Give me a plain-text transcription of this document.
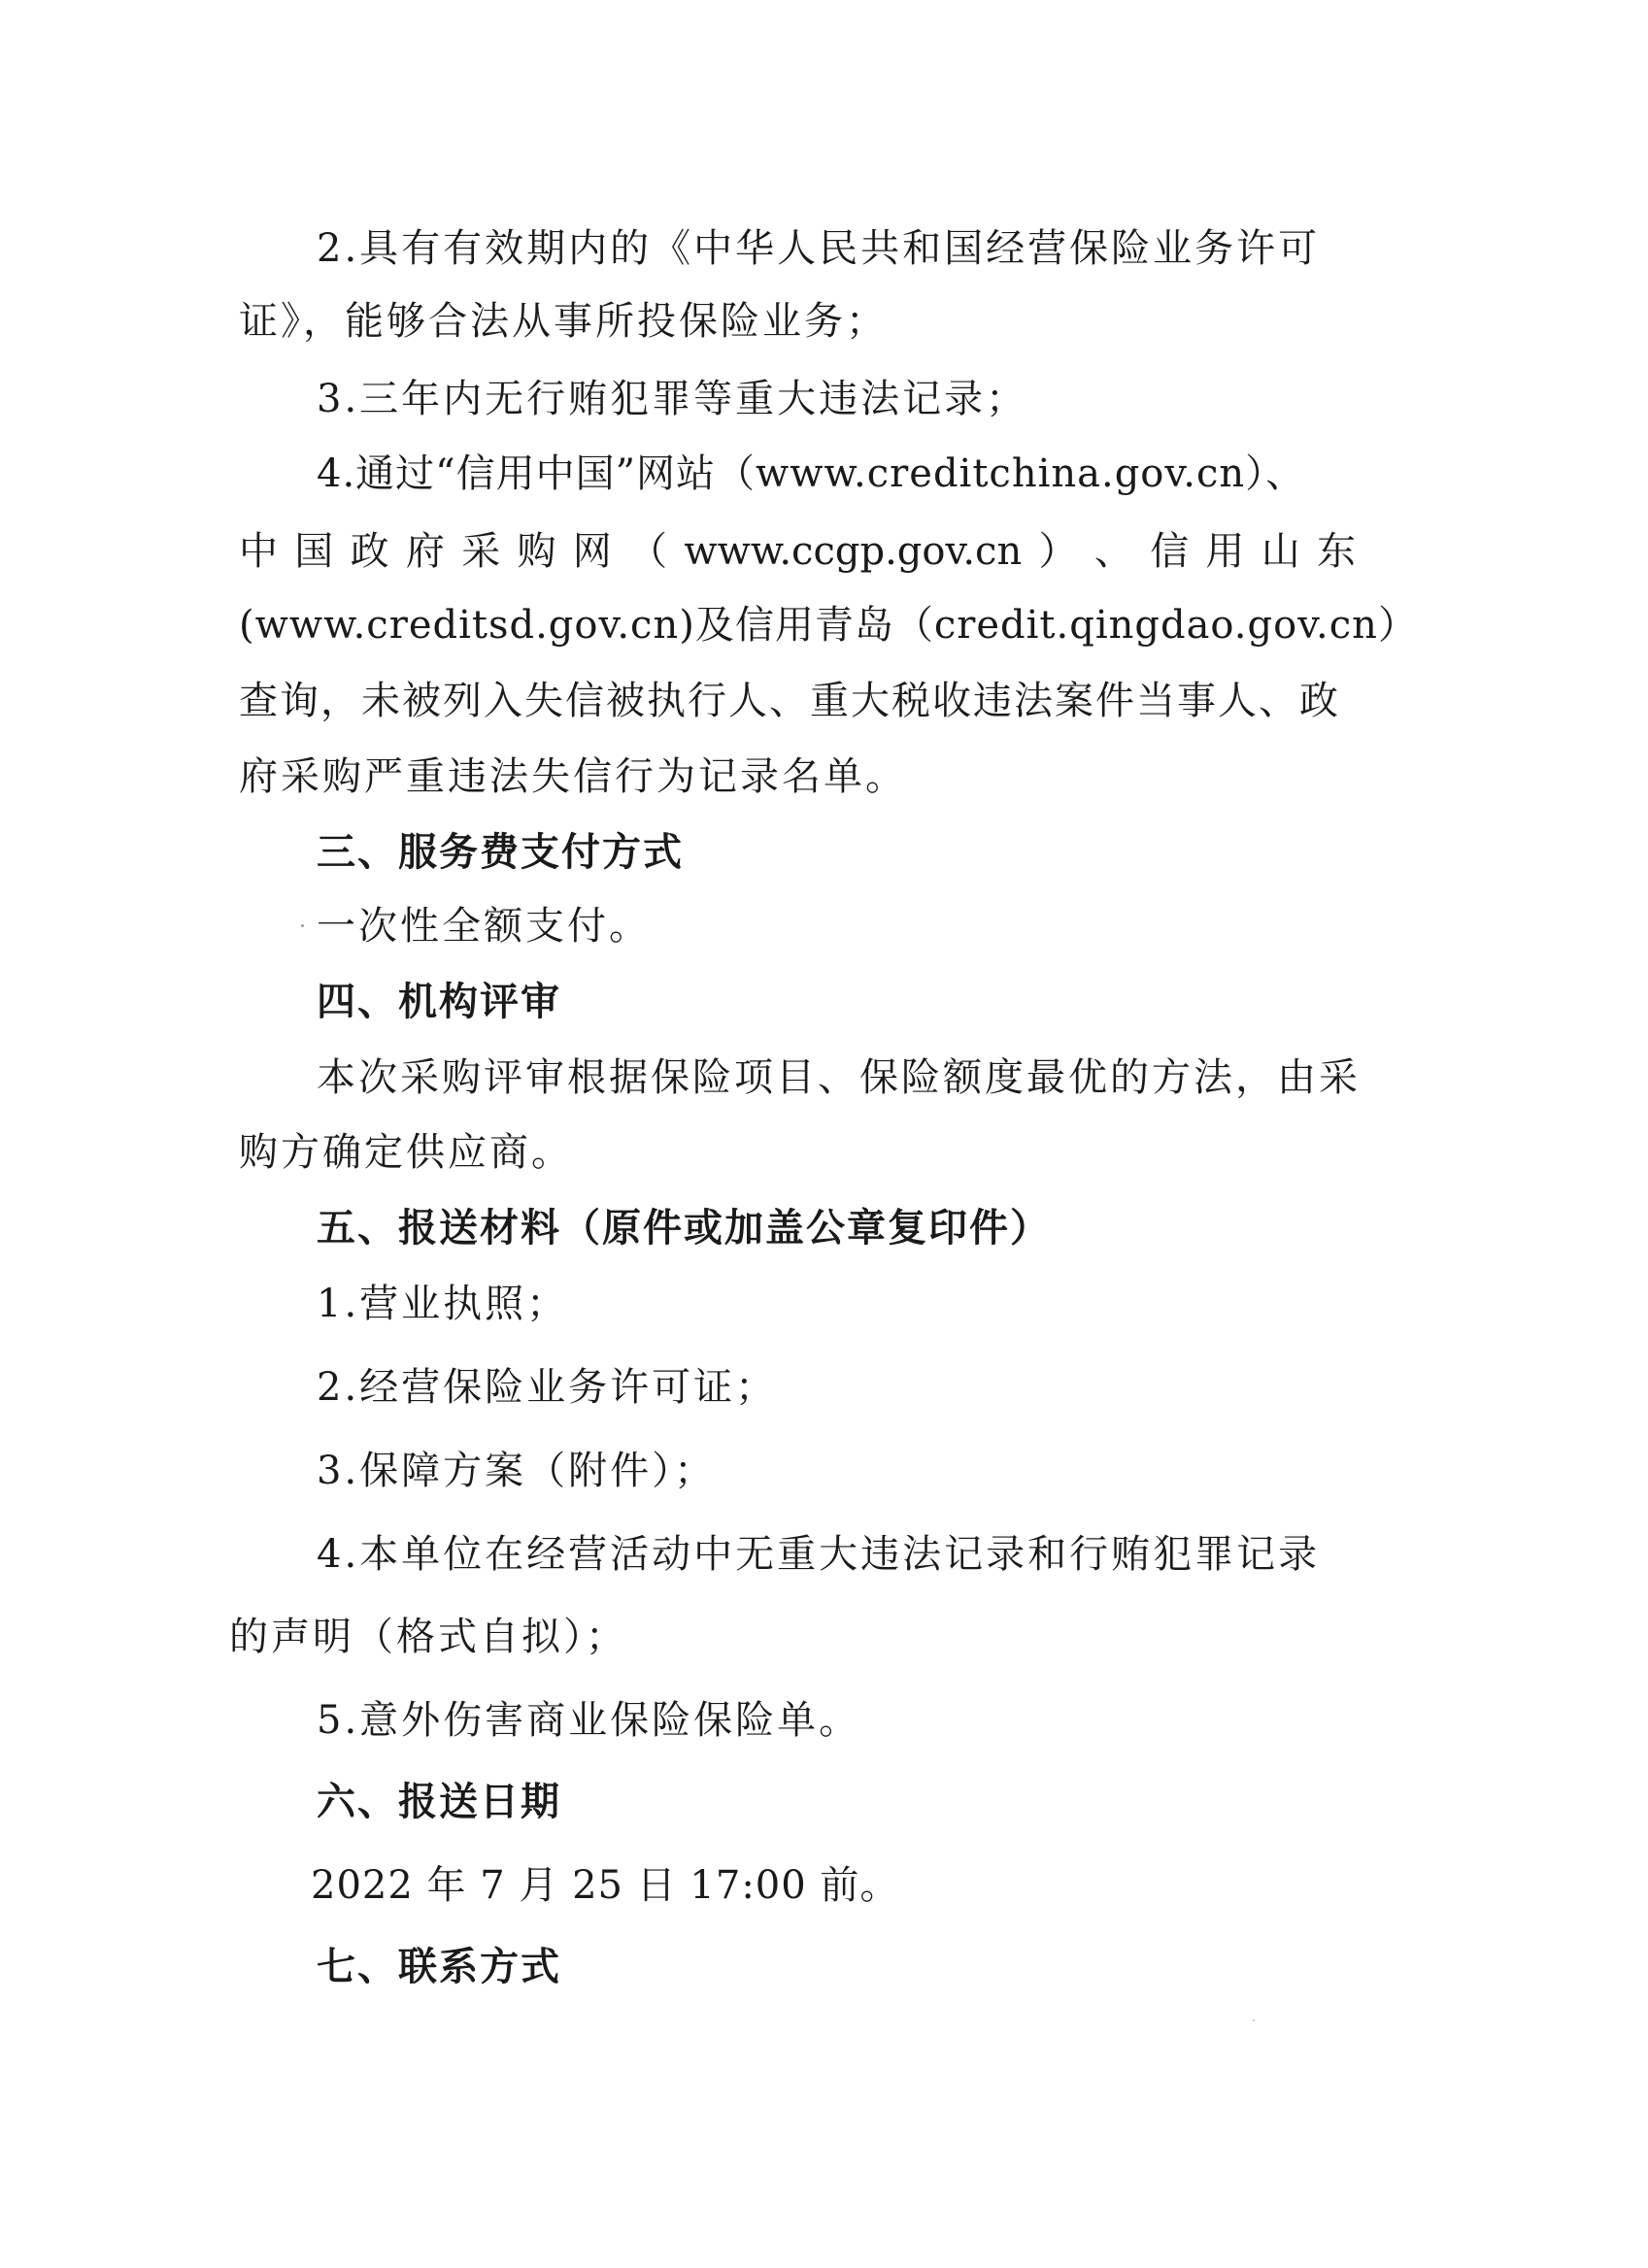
2.具有有效期内的《中华人民共和国经营保险业务许可

证》，能够合法从事所投保险业务；

3.三年内无行贿犯罪等重大违法记录；

4.通过“信用中国”网站（www.creditchina.gov.cn）、

中 国 政 府 采 购 网 （ www.ccgp.gov.cn ） 、 信 用 山 东

(www.creditsd.gov.cn)及信用青岛（credit.qingdao.gov.cn）

查询，未被列入失信被执行人、重大税收违法案件当事人、政

府采购严重违法失信行为记录名单。

三、服务费支付方式

一次性全额支付。

四、机构评审

本次采购评审根据保险项目、保险额度最优的方法，由采

购方确定供应商。

五、报送材料（原件或加盖公章复印件）

1.营业执照；

2.经营保险业务许可证；

3.保障方案（附件）；

4.本单位在经营活动中无重大违法记录和行贿犯罪记录

的声明（格式自拟）；

5.意外伤害商业保险保险单。

六、报送日期

2022 年 7 月 25 日 17:00 前。

七、联系方式
